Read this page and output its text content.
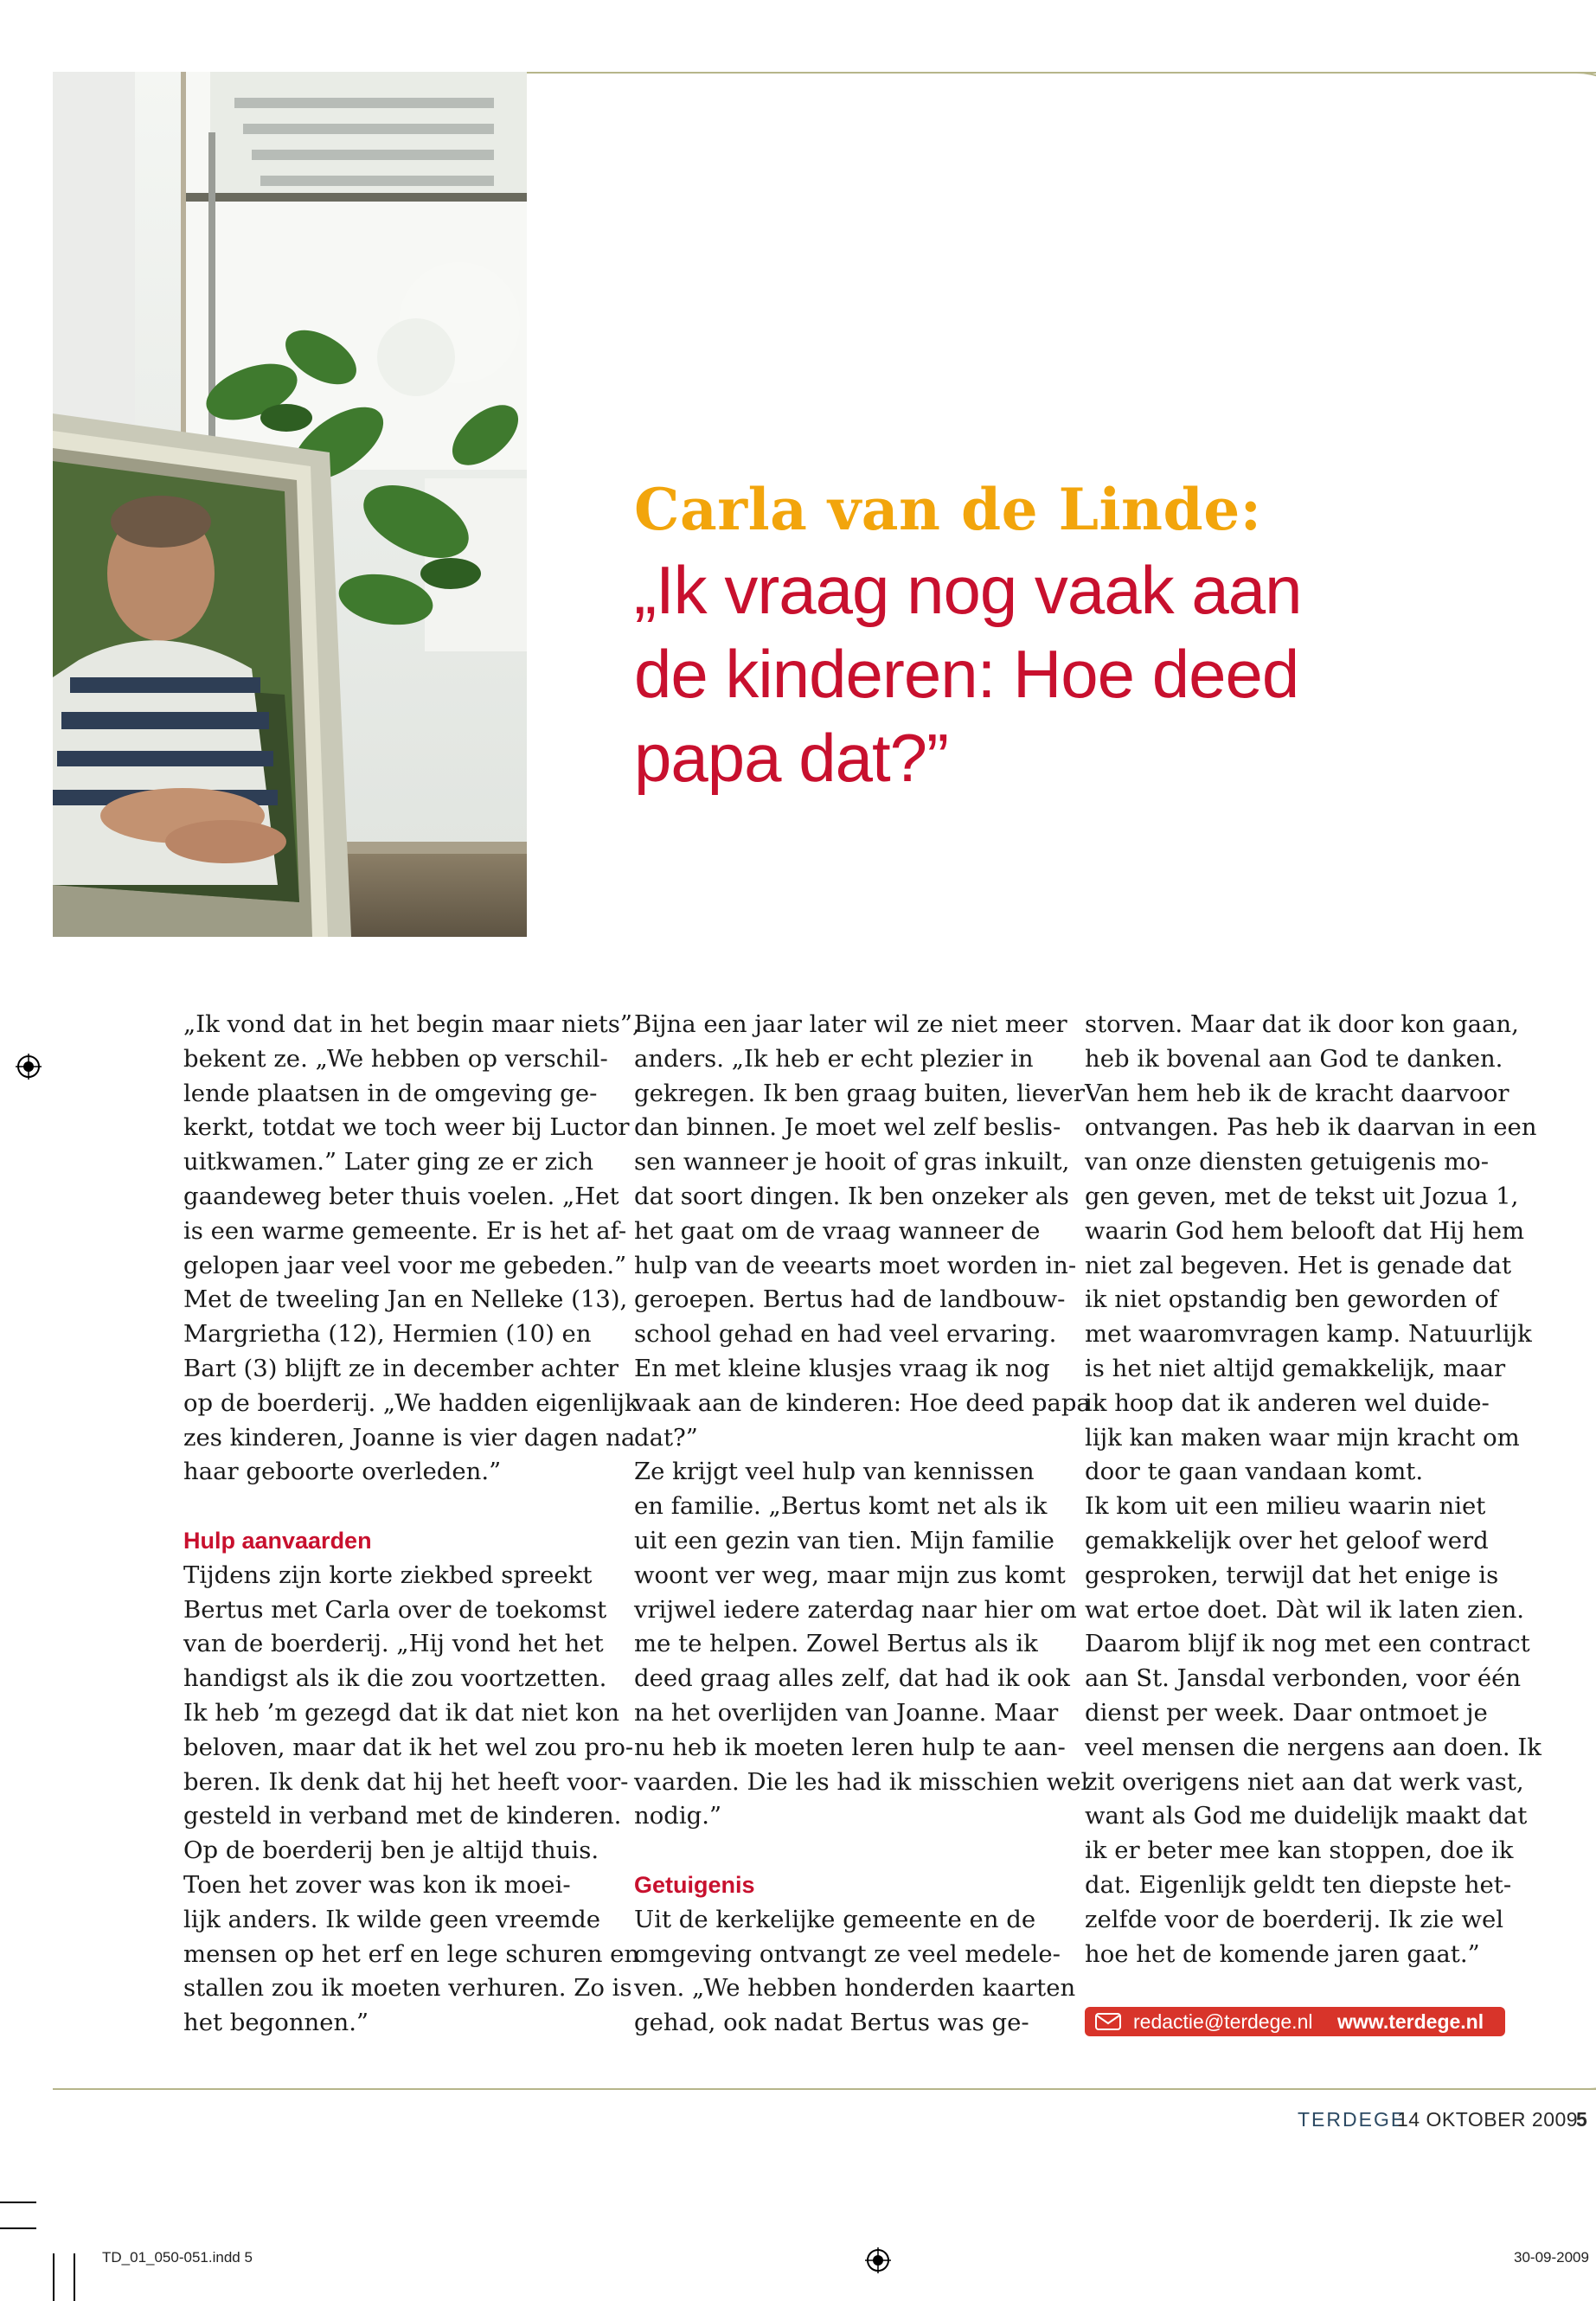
Carla van de Linde:
„Ik vraag nog vaak aan
de kinderen: Hoe deed
papa dat?”

„Ik vond dat in het begin maar niets”,
bekent ze. „We hebben op verschil-
lende plaatsen in de omgeving ge-
kerkt, totdat we toch weer bij Luctor
uitkwamen.” Later ging ze er zich
gaandeweg beter thuis voelen. „Het
is een warme gemeente. Er is het af-
gelopen jaar veel voor me gebeden.”
Met de tweeling Jan en Nelleke (13),
Margrietha (12), Hermien (10) en
Bart (3) blijft ze in december achter
op de boerderij. „We hadden eigenlijk
zes kinderen, Joanne is vier dagen na
haar geboorte overleden.”

Hulp aanvaarden

Tijdens zijn korte ziekbed spreekt
Bertus met Carla over de toekomst
van de boerderij. „Hij vond het het
handigst als ik die zou voortzetten.
Ik heb ’m gezegd dat ik dat niet kon
beloven, maar dat ik het wel zou pro-
beren. Ik denk dat hij het heeft voor-
gesteld in verband met de kinderen.
Op de boerderij ben je altijd thuis.
Toen het zover was kon ik moei-
lijk anders. Ik wilde geen vreemde
mensen op het erf en lege schuren en
stallen zou ik moeten verhuren. Zo is
het begonnen.”

Bijna een jaar later wil ze niet meer
anders. „Ik heb er echt plezier in
gekregen. Ik ben graag buiten, liever
dan binnen. Je moet wel zelf beslis-
sen wanneer je hooit of gras inkuilt,
dat soort dingen. Ik ben onzeker als
het gaat om de vraag wanneer de
hulp van de veearts moet worden in-
geroepen. Bertus had de landbouw-
school gehad en had veel ervaring.
En met kleine klusjes vraag ik nog
vaak aan de kinderen: Hoe deed papa
dat?”

Ze krijgt veel hulp van kennissen
en familie. „Bertus komt net als ik
uit een gezin van tien. Mijn familie
woont ver weg, maar mijn zus komt
vrijwel iedere zaterdag naar hier om
me te helpen. Zowel Bertus als ik
deed graag alles zelf, dat had ik ook
na het overlijden van Joanne. Maar
nu heb ik moeten leren hulp te aan-
vaarden. Die les had ik misschien wel
nodig.”

Getuigenis

Uit de kerkelijke gemeente en de
omgeving ontvangt ze veel medele-
ven. „We hebben honderden kaarten
gehad, ook nadat Bertus was ge-

storven. Maar dat ik door kon gaan,
heb ik bovenal aan God te danken.
Van hem heb ik de kracht daarvoor
ontvangen. Pas heb ik daarvan in een
van onze diensten getuigenis mo-
gen geven, met de tekst uit Jozua 1,
waarin God hem belooft dat Hij hem
niet zal begeven. Het is genade dat
ik niet opstandig ben geworden of
met waaromvragen kamp. Natuurlijk
is het niet altijd gemakkelijk, maar
ik hoop dat ik anderen wel duide-
lijk kan maken waar mijn kracht om
door te gaan vandaan komt.

Ik kom uit een milieu waarin niet
gemakkelijk over het geloof werd
gesproken, terwijl dat het enige is
wat ertoe doet. Dàt wil ik laten zien.
Daarom blijf ik nog met een contract
aan St. Jansdal verbonden, voor één
dienst per week. Daar ontmoet je
veel mensen die nergens aan doen. Ik
zit overigens niet aan dat werk vast,
want als God me duidelijk maakt dat
ik er beter mee kan stoppen, doe ik
dat. Eigenlijk geldt ten diepste het-
zelfde voor de boerderij. Ik zie wel
hoe het de komende jaren gaat.”

redactie@terdege.nl www.terdege.nl
TERDEGE
14 OKTOBER 2009
5
TD_01_050-051.indd 5	30-09-2009
